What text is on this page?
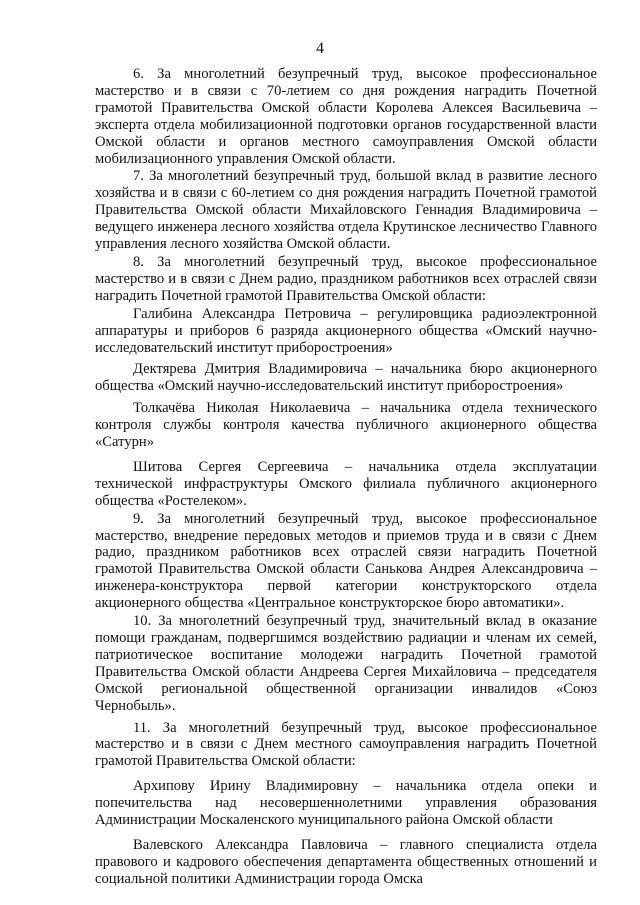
4

6. За многолетний безупречный труд, высокое профессиональное мастерство и в связи с 70-летием со дня рождения наградить Почетной грамотой Правительства Омской области Королева Алексея Васильевича – эксперта отдела мобилизационной подготовки органов государственной власти Омской области и органов местного самоуправления Омской области мобилизационного управления Омской области.

7. За многолетний безупречный труд, большой вклад в развитие лесного хозяйства и в связи с 60-летием со дня рождения наградить Почетной грамотой Правительства Омской области Михайловского Геннадия Владимировича – ведущего инженера лесного хозяйства отдела Крутинское лесничество Главного управления лесного хозяйства Омской области.

8. За многолетний безупречный труд, высокое профессиональное мастерство и в связи с Днем радио, праздником работников всех отраслей связи наградить Почетной грамотой Правительства Омской области:

Галибина Александра Петровича – регулировщика радиоэлектронной аппаратуры и приборов 6 разряда акционерного общества «Омский научно-исследовательский институт приборостроения»

Дектярева Дмитрия Владимировича – начальника бюро акционерного общества «Омский научно-исследовательский институт приборостроения»

Толкачёва Николая Николаевича – начальника отдела технического контроля службы контроля качества публичного акционерного общества «Сатурн»

Шитова Сергея Сергеевича – начальника отдела эксплуатации технической инфраструктуры Омского филиала публичного акционерного общества «Ростелеком».

9. За многолетний безупречный труд, высокое профессиональное мастерство, внедрение передовых методов и приемов труда и в связи с Днем радио, праздником работников всех отраслей связи наградить Почетной грамотой Правительства Омской области Санькова Андрея Александровича – инженера-конструктора первой категории конструкторского отдела акционерного общества «Центральное конструкторское бюро автоматики».

10. За многолетний безупречный труд, значительный вклад в оказание помощи гражданам, подвергшимся воздействию радиации и членам их семей, патриотическое воспитание молодежи наградить Почетной грамотой Правительства Омской области Андреева Сергея Михайловича – председателя Омской региональной общественной организации инвалидов «Союз Чернобыль».

11. За многолетний безупречный труд, высокое профессиональное мастерство и в связи с Днем местного самоуправления наградить Почетной грамотой Правительства Омской области:

Архипову Ирину Владимировну – начальника отдела опеки и попечительства над несовершеннолетними управления образования Администрации Москаленского муниципального района Омской области

Валевского Александра Павловича – главного специалиста отдела правового и кадрового обеспечения департамента общественных отношений и социальной политики Администрации города Омска
